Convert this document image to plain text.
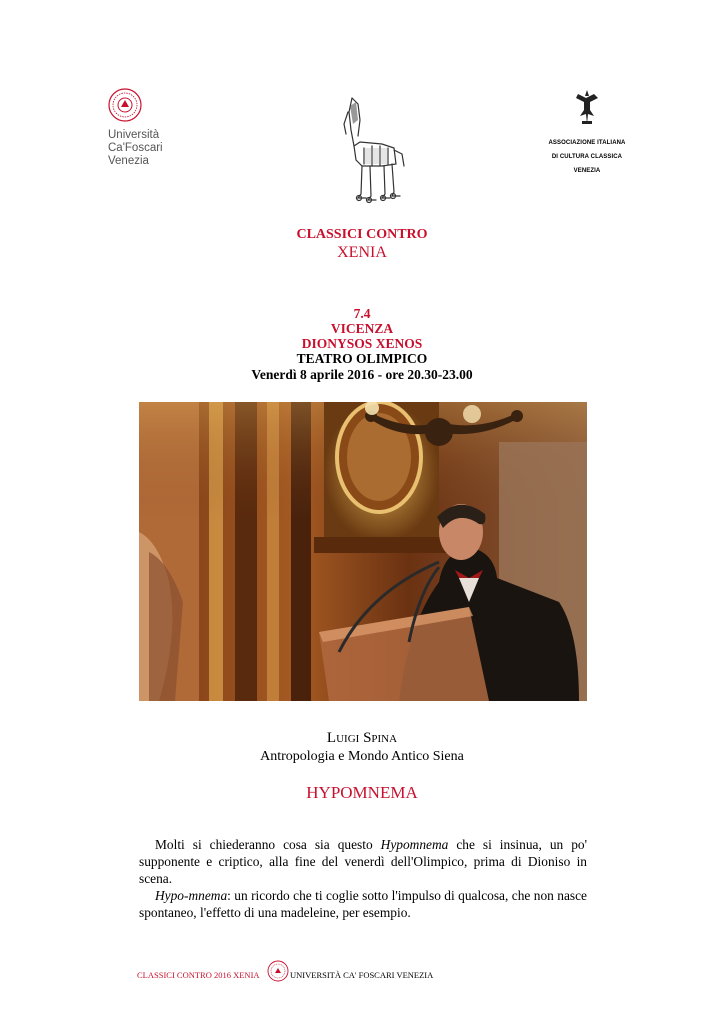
Università
Ca'Foscari
Venezia

ASSOCIAZIONE ITALIANA

DI CULTURA CLASSICA

VENEZIA

CLASSICI CONTRO
XENIA
7.4
VICENZA
DIONYSOS XENOS
TEATRO OLIMPICO
Venerdì 8 aprile 2016 - ore 20.30-23.00
LUIGI SPINA
Antropologia e Mondo Antico Siena
HYPOMNEMA

Molti si chiederanno cosa sia questo Hypomnema che si insinua, un po' supponente e criptico, alla fine del venerdì dell'Olimpico, prima di Dioniso in scena.

Hypo-mnema: un ricordo che ti coglie sotto l'impulso di qualcosa, che non nasce spontaneo, l'effetto di una madeleine, per esempio.

CLASSICI CONTRO 2016 XENIA	UNIVERSITÀ CA' FOSCARI VENEZIA
